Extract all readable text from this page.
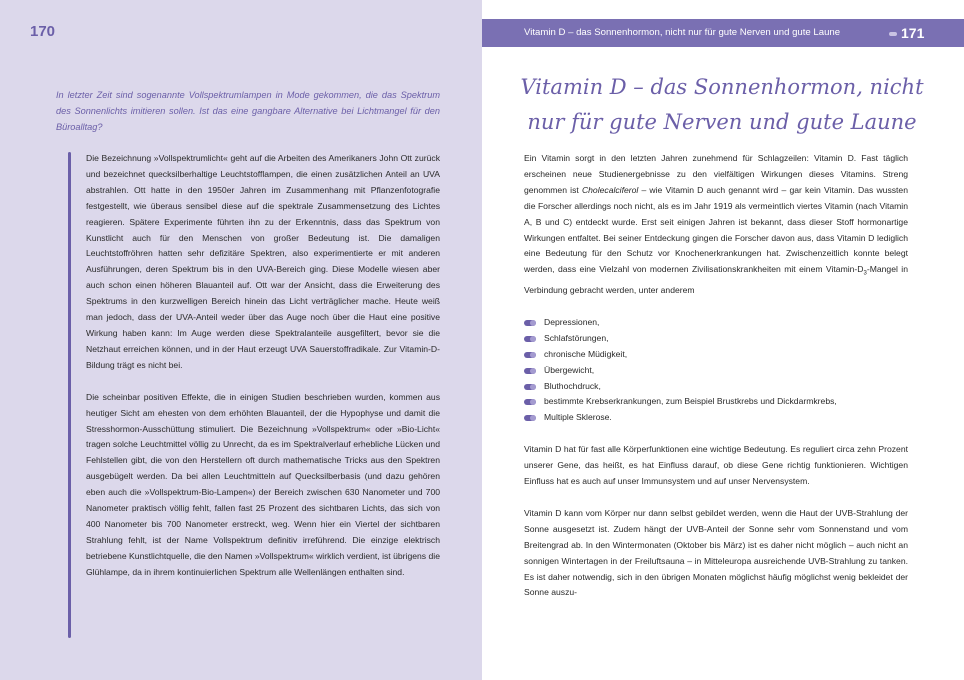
170
In letzter Zeit sind sogenannte Vollspektrumlampen in Mode gekommen, die das Spektrum des Sonnenlichts imitieren sollen. Ist das eine gangbare Alternative bei Lichtmangel für den Büroalltag?

Die Bezeichnung »Vollspektrumlicht« geht auf die Arbeiten des Amerikaners John Ott zurück und bezeichnet quecksilberhaltige Leuchtstofflampen, die einen zusätzlichen Anteil an UVA abstrahlen. Ott hatte in den 1950er Jahren im Zusammenhang mit Pflanzenfotografie festgestellt, wie überaus sensibel diese auf die spektrale Zusammensetzung des Lichtes reagieren. Spätere Experimente führten ihn zu der Erkenntnis, dass das Spektrum von Kunstlicht auch für den Menschen von großer Bedeutung ist. Die damaligen Leuchtstoffröhren hatten sehr defizitäre Spektren, also experimentierte er mit anderen Ausführungen, deren Spektrum bis in den UVA-Bereich ging. Diese Modelle wiesen aber auch schon einen höheren Blauanteil auf. Ott war der Ansicht, dass die Erweiterung des Spektrums in den kurzwelligen Bereich hinein das Licht verträglicher mache. Heute weiß man jedoch, dass der UVA-Anteil weder über das Auge noch über die Haut eine positive Wirkung haben kann: Im Auge werden diese Spektralanteile ausgefiltert, bevor sie die Netzhaut erreichen können, und in der Haut erzeugt UVA Sauerstoffradikale. Zur Vitamin-D-Bildung trägt es nicht bei.

Die scheinbar positiven Effekte, die in einigen Studien beschrieben wurden, kommen aus heutiger Sicht am ehesten von dem erhöhten Blauanteil, der die Hypophyse und damit die Stresshormon-Ausschüttung stimuliert. Die Bezeichnung »Vollspektrum« oder »Bio-Licht« tragen solche Leuchtmittel völlig zu Unrecht, da es im Spektralverlauf erhebliche Lücken und Fehlstellen gibt, die von den Herstellern oft durch mathematische Tricks aus den Spektren ausgebügelt werden. Da bei allen Leuchtmitteln auf Quecksilberbasis (und dazu gehören eben auch die »Vollspektrum-Bio-Lampen«) der Bereich zwischen 630 Nanometer und 700 Nanometer praktisch völlig fehlt, fallen fast 25 Prozent des sichtbaren Lichts, das sich von 400 Nanometer bis 700 Nanometer erstreckt, weg. Wenn hier ein Viertel der sichtbaren Strahlung fehlt, ist der Name Vollspektrum definitiv irreführend. Die einzige elektrisch betriebene Kunstlichtquelle, die den Namen »Vollspektrum« wirklich verdient, ist übrigens die Glühlampe, da in ihrem kontinuierlichen Spektrum alle Wellenlängen enthalten sind.

Vitamin D – das Sonnenhormon, nicht nur für gute Nerven und gute Laune	171
Vitamin D – das Sonnenhormon, nicht
nur für gute Nerven und gute Laune

Ein Vitamin sorgt in den letzten Jahren zunehmend für Schlagzeilen: Vitamin D. Fast täglich erscheinen neue Studienergebnisse zu den vielfältigen Wirkungen dieses Vitamins. Streng genommen ist Cholecalciferol – wie Vitamin D auch genannt wird – gar kein Vitamin. Das wussten die Forscher allerdings noch nicht, als es im Jahr 1919 als vermeintlich viertes Vitamin (nach Vitamin A, B und C) entdeckt wurde. Erst seit einigen Jahren ist bekannt, dass dieser Stoff hormonartige Wirkungen entfaltet. Bei seiner Entdeckung gingen die Forscher davon aus, dass Vitamin D lediglich eine Bedeutung für den Schutz vor Knochenerkrankungen hat. Zwischenzeitlich konnte belegt werden, dass eine Vielzahl von modernen Zivilisationskrankheiten mit einem Vitamin-$D_3$-Mangel in Verbindung gebracht werden, unter anderem

Depressionen,
Schlafstörungen,
chronische Müdigkeit,
Übergewicht,
Bluthochdruck,
bestimmte Krebserkrankungen, zum Beispiel Brustkrebs und Dickdarmkrebs,
Multiple Sklerose.

Vitamin D hat für fast alle Körperfunktionen eine wichtige Bedeutung. Es reguliert circa zehn Prozent unserer Gene, das heißt, es hat Einfluss darauf, ob diese Gene richtig funktionieren. Wichtigen Einfluss hat es auch auf unser Immunsystem und auf unser Nervensystem.

Vitamin D kann vom Körper nur dann selbst gebildet werden, wenn die Haut der UVB-Strahlung der Sonne ausgesetzt ist. Zudem hängt der UVB-Anteil der Sonne sehr vom Sonnenstand und vom Breitengrad ab. In den Wintermonaten (Oktober bis März) ist es daher nicht möglich – auch nicht an sonnigen Wintertagen in der Freiluftsauna – in Mitteleuropa ausreichende UVB-Strahlung zu tanken. Es ist daher notwendig, sich in den übrigen Monaten möglichst häufig möglichst wenig bekleidet der Sonne auszu-
